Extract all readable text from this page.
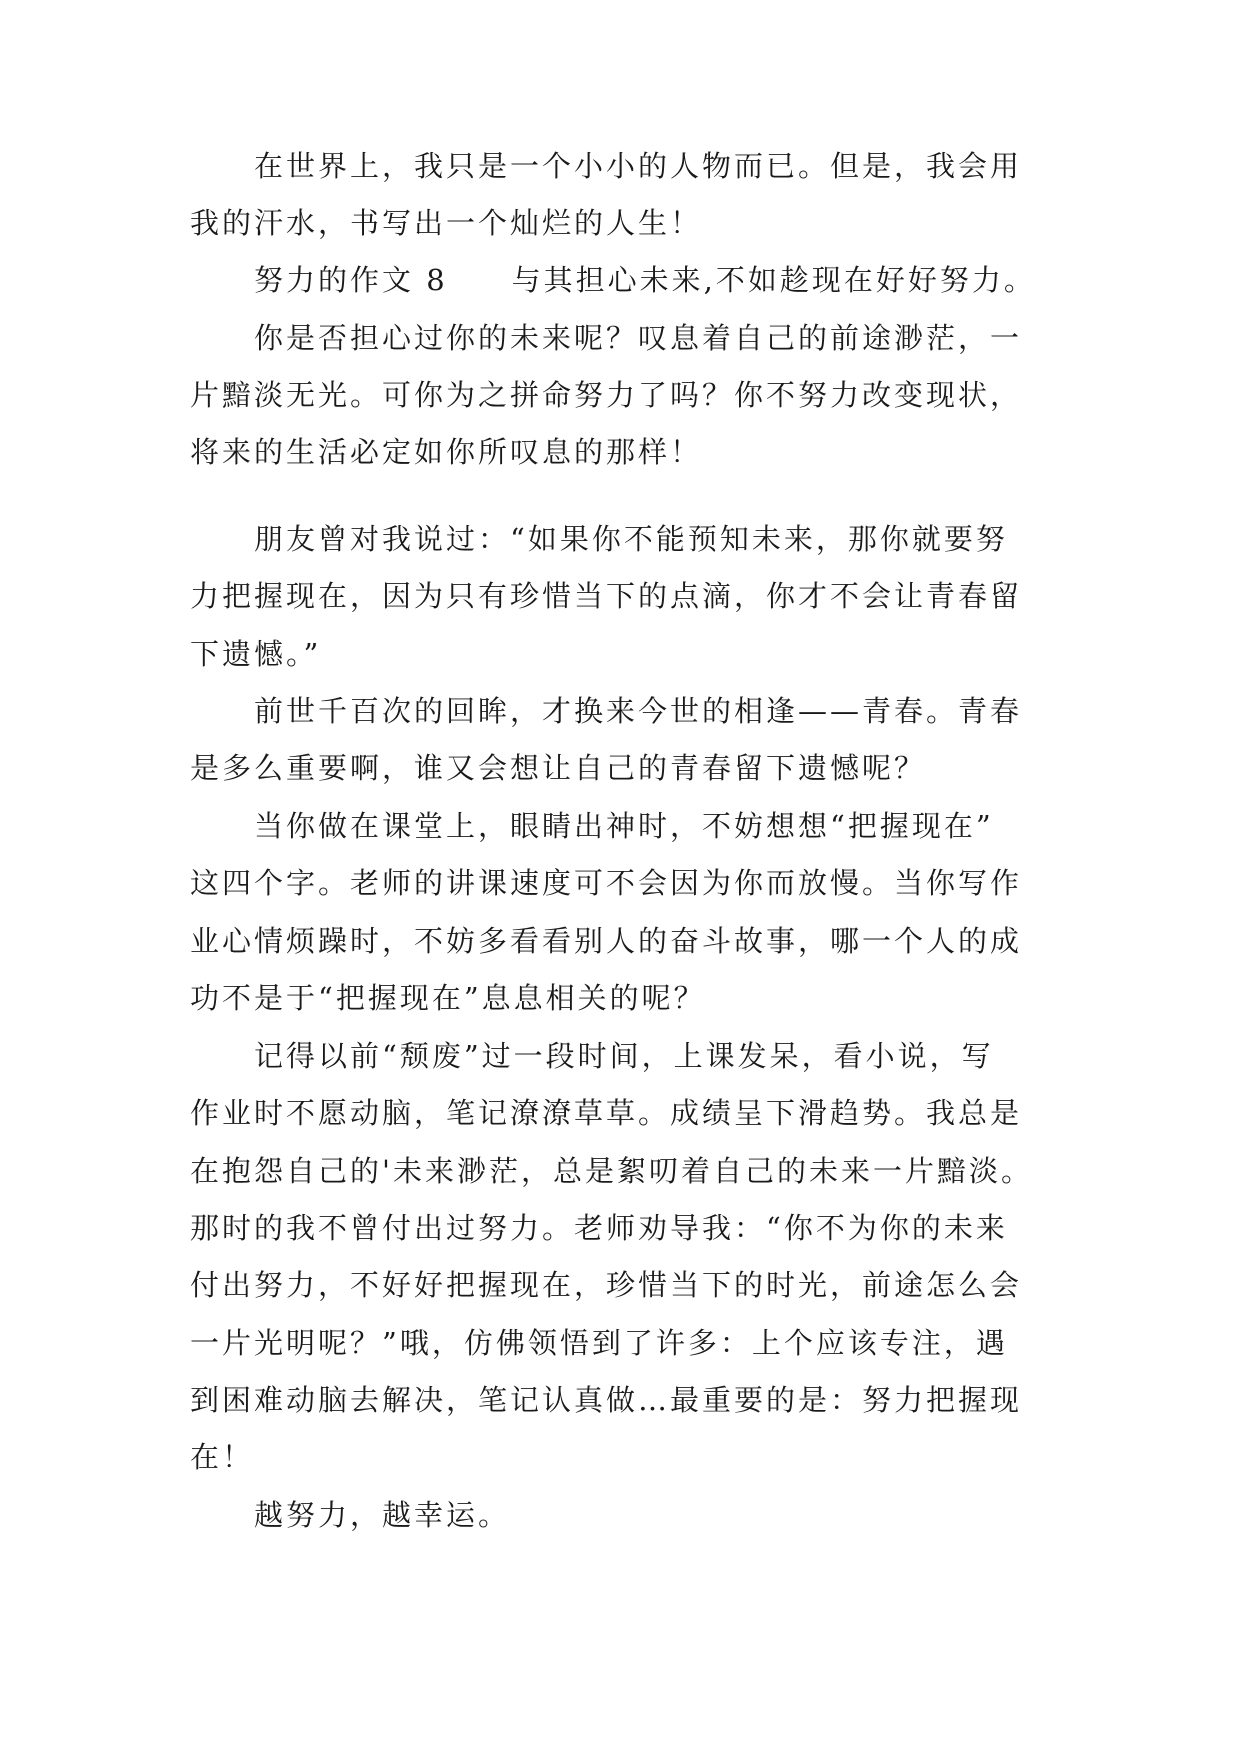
在世界上，我只是一个小小的人物而已。但是，我会用
我的汗水，书写出一个灿烂的人生！
努力的作文 8 与其担心未来,不如趁现在好好努力。
你是否担心过你的未来呢？叹息着自己的前途渺茫，一
片黯淡无光。可你为之拼命努力了吗？你不努力改变现状，
将来的生活必定如你所叹息的那样！
朋友曾对我说过：“如果你不能预知未来，那你就要努
力把握现在，因为只有珍惜当下的点滴，你才不会让青春留
下遗憾。”
前世千百次的回眸，才换来今世的相逢——青春。青春
是多么重要啊，谁又会想让自己的青春留下遗憾呢？
当你做在课堂上，眼睛出神时，不妨想想“把握现在”
这四个字。老师的讲课速度可不会因为你而放慢。当你写作
业心情烦躁时，不妨多看看别人的奋斗故事，哪一个人的成
功不是于“把握现在”息息相关的呢？
记得以前“颓废”过一段时间，上课发呆，看小说，写
作业时不愿动脑，笔记潦潦草草。成绩呈下滑趋势。我总是
在抱怨自己的'未来渺茫，总是絮叨着自己的未来一片黯淡。
那时的我不曾付出过努力。老师劝导我：“你不为你的未来
付出努力，不好好把握现在，珍惜当下的时光，前途怎么会
一片光明呢？”哦，仿佛领悟到了许多：上个应该专注，遇
到困难动脑去解决，笔记认真做…最重要的是：努力把握现
在！
越努力，越幸运。
